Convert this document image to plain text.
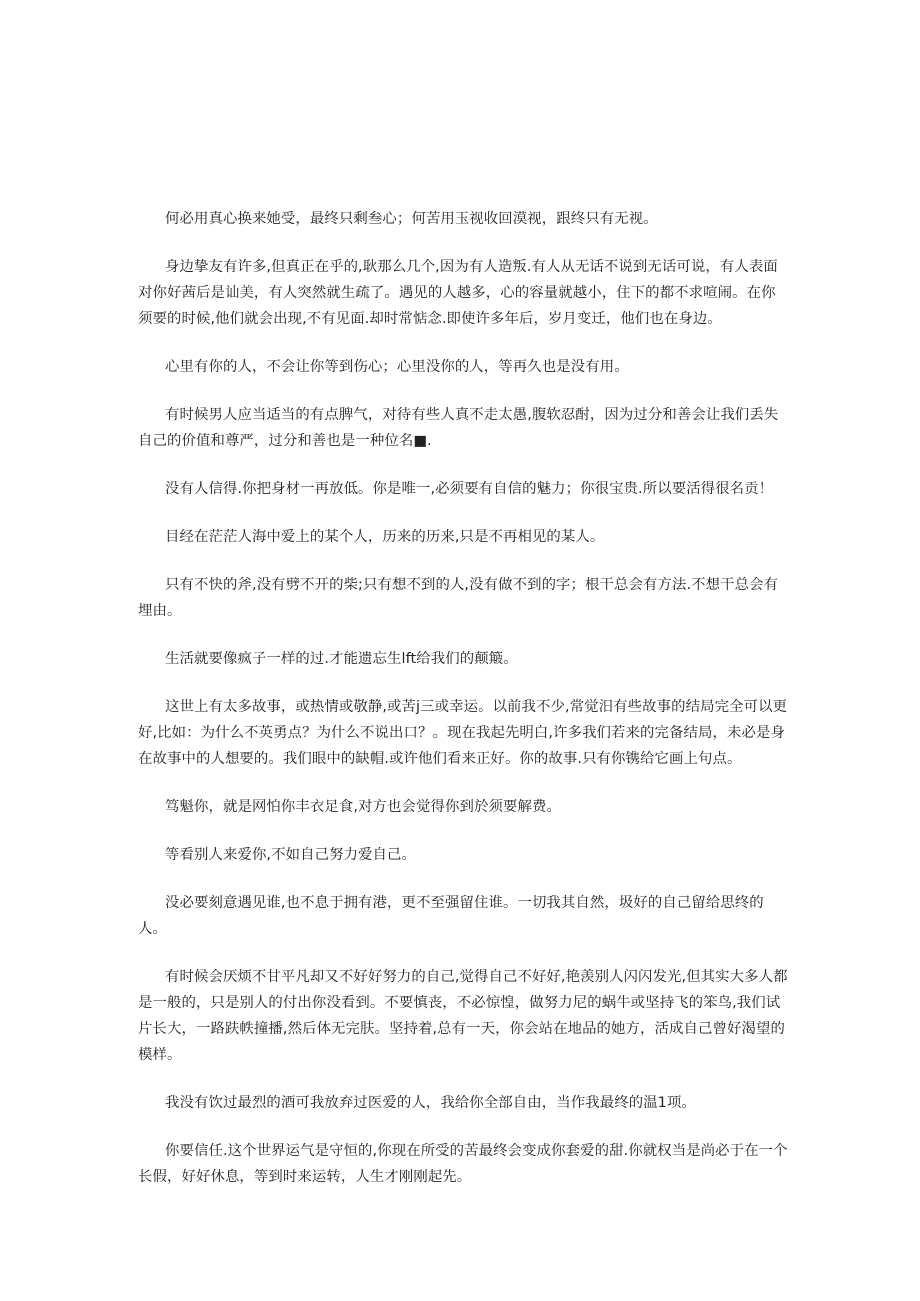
何必用真心换来她受，最终只剩叁心；何苦用玉视收回漠视，跟终只有无视。

身边挚友有许多,但真正在乎的,耿那么几个,因为有人造叛.有人从无话不说到无话可说，有人表面对你好茜后是讪美，有人突然就生疏了。遇见的人越多，心的容量就越小，住下的都不求喧闹。在你须要的时候,他们就会出现,不有见面.却时常惦念.即使许多年后，岁月变迁，他们也在身边。

心里有你的人，不会让你等到伤心；心里没你的人，等再久也是没有用。

有时候男人应当适当的有点脾气，对待有些人真不走太愚,腹软忍酎，因为过分和善会让我们丢失自己的价值和尊严，过分和善也是一种位名■.

没有人信得.你把身材一再放低。你是唯一,必须要有自信的魅力；你很宝贵.所以要活得很名贡！

目经在茫茫人海中爱上的某个人，历来的历来,只是不再相见的某人。

只有不快的斧,没有劈不开的柴;只有想不到的人,没有做不到的字；根干总会有方法.不想干总会有埋由。

生活就要像疯子一样的过.才能遗忘生lft给我们的颠簸。

这世上有太多故事，或热情或敬静,或苦j三或幸运。以前我不少,常觉汨有些故事的结局完全可以更好,比如：为什么不英勇点？为什么不说出口？。现在我起先明白,许多我们若来的完备结局，未必是身在故事中的人想要的。我们眼中的缺帽.或许他们看来正好。你的故事.只有你镌给它画上句点。

笃魁你，就是网怕你丰衣足食,对方也会觉得你到於须要解费。

等看别人来爱你,不如自己努力爱自己。

没必要刻意遇见谁,也不息于拥有港，更不至强留住谁。一切我其自然，圾好的自己留给思终的人。

有时候会厌烦不甘平凡却又不好好努力的自己,觉得自己不好好,艳羡别人闪闪发光,但其实大多人都是一般的，只是别人的付出你没看到。不要慎丧，不必惊惶，做努力尼的蜗牛或坚持飞的笨鸟,我们试片长大，一路趺帙撞播,然后体无完肤。坚持着,总有一天，你会站在地品的她方，活成自己曾好渴望的模样。

我没有饮过最烈的酒可我放弃过医爱的人，我给你全部自由，当作我最终的温1项。

你要信任.这个世界运气是守恒的,你现在所受的苦最终会变成你套爱的甜.你就权当是尚必于在一个长假，好好休息，等到时来运转，人生才刚刚起先。
